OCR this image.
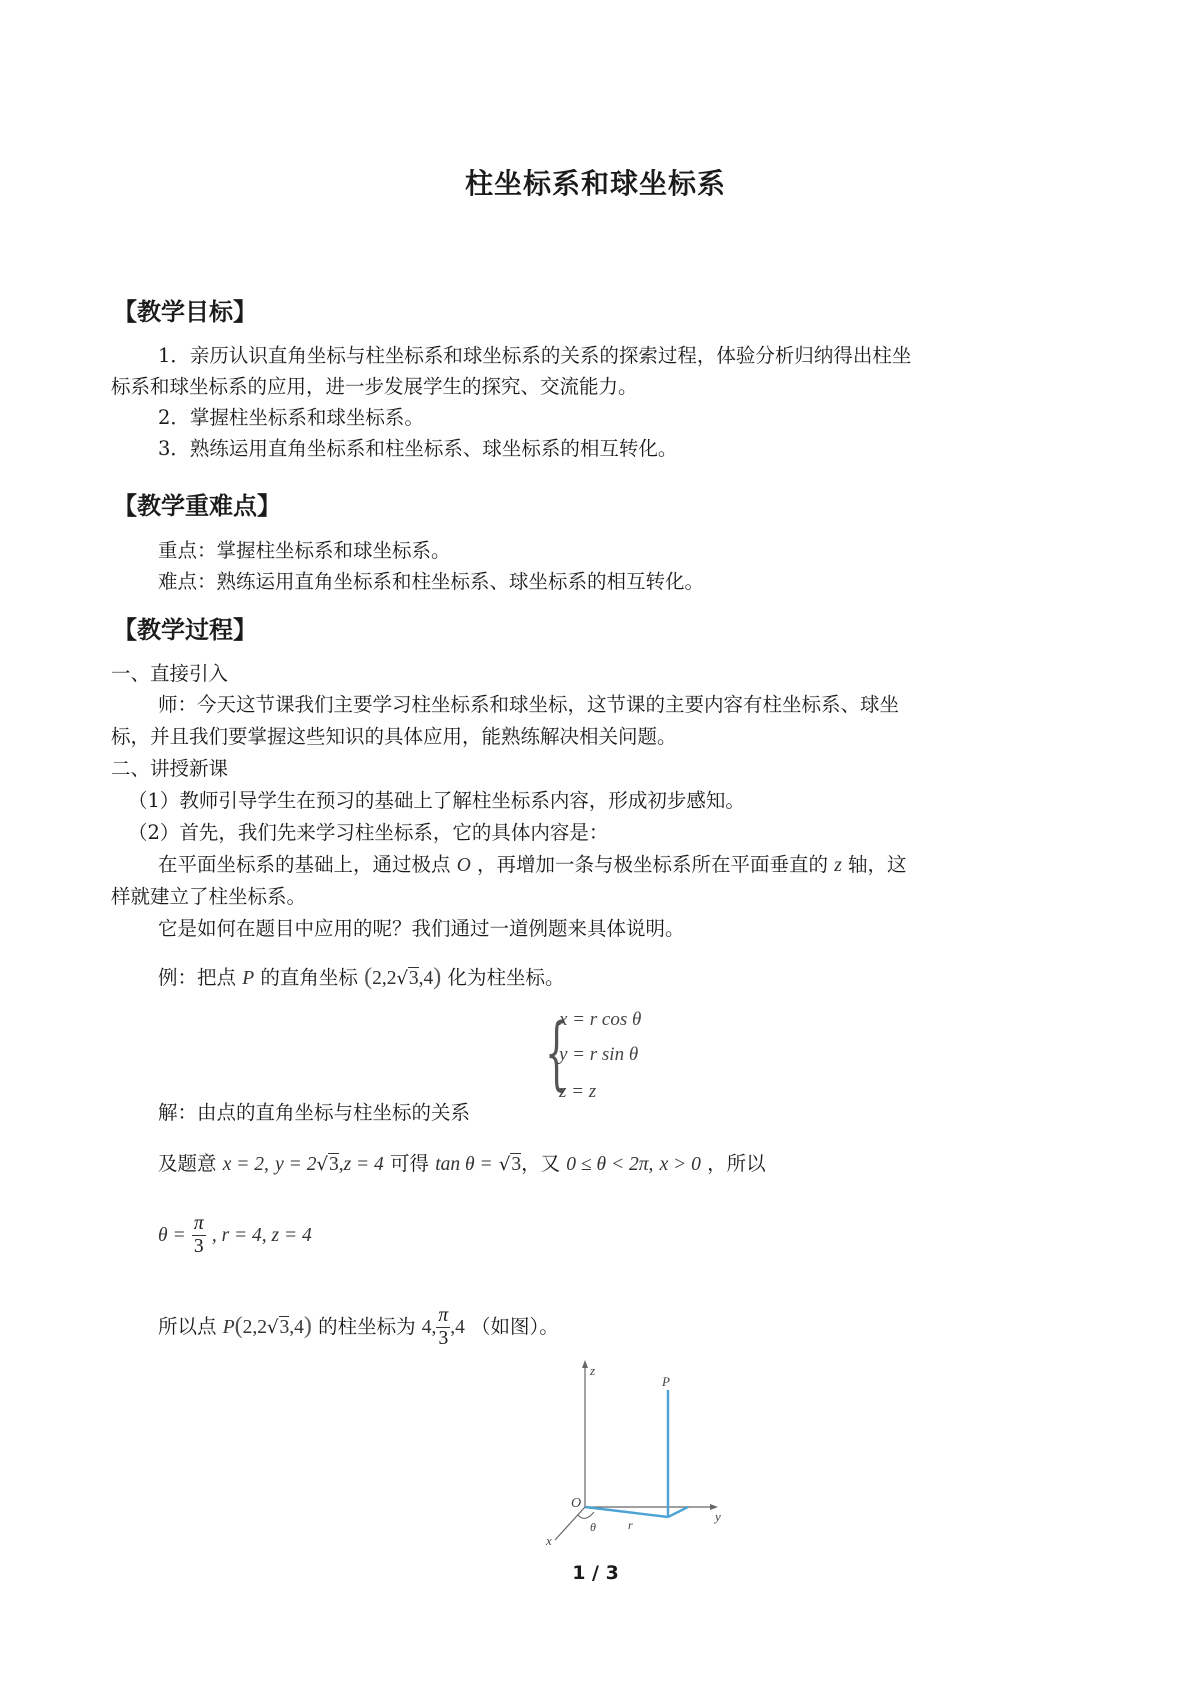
柱坐标系和球坐标系
【教学目标】
1．亲历认识直角坐标与柱坐标系和球坐标系的关系的探索过程，体验分析归纳得出柱坐
标系和球坐标系的应用，进一步发展学生的探究、交流能力。
2．掌握柱坐标系和球坐标系。
3．熟练运用直角坐标系和柱坐标系、球坐标系的相互转化。
【教学重难点】
重点：掌握柱坐标系和球坐标系。
难点：熟练运用直角坐标系和柱坐标系、球坐标系的相互转化。
【教学过程】
一、直接引入
师：今天这节课我们主要学习柱坐标系和球坐标，这节课的主要内容有柱坐标系、球坐
标，并且我们要掌握这些知识的具体应用，能熟练解决相关问题。
二、讲授新课
（1）教师引导学生在预习的基础上了解柱坐标系内容，形成初步感知。
（2）首先，我们先来学习柱坐标系，它的具体内容是：
在平面坐标系的基础上，通过极点 O ，再增加一条与极坐标系所在平面垂直的 z 轴，这
样就建立了柱坐标系。
它是如何在题目中应用的呢？我们通过一道例题来具体说明。
例：把点 P 的直角坐标 (2,2√3,4) 化为柱坐标。
{
x = r cos θ
y = r sin θ
z = z
解：由点的直角坐标与柱坐标的关系
及题意 x = 2, y = 2√3,z = 4 可得 tan θ = √3，又 0 ≤ θ < 2π, x > 0 ，所以
$\theta = \frac{\pi}{3}$ , r = 4, z = 4
所以点 P(2,2√3,4) 的柱坐标为 4, $\frac{\pi}{3} ,4$ （如图）。
z
y
x
O
θ	r
P
1 / 3
